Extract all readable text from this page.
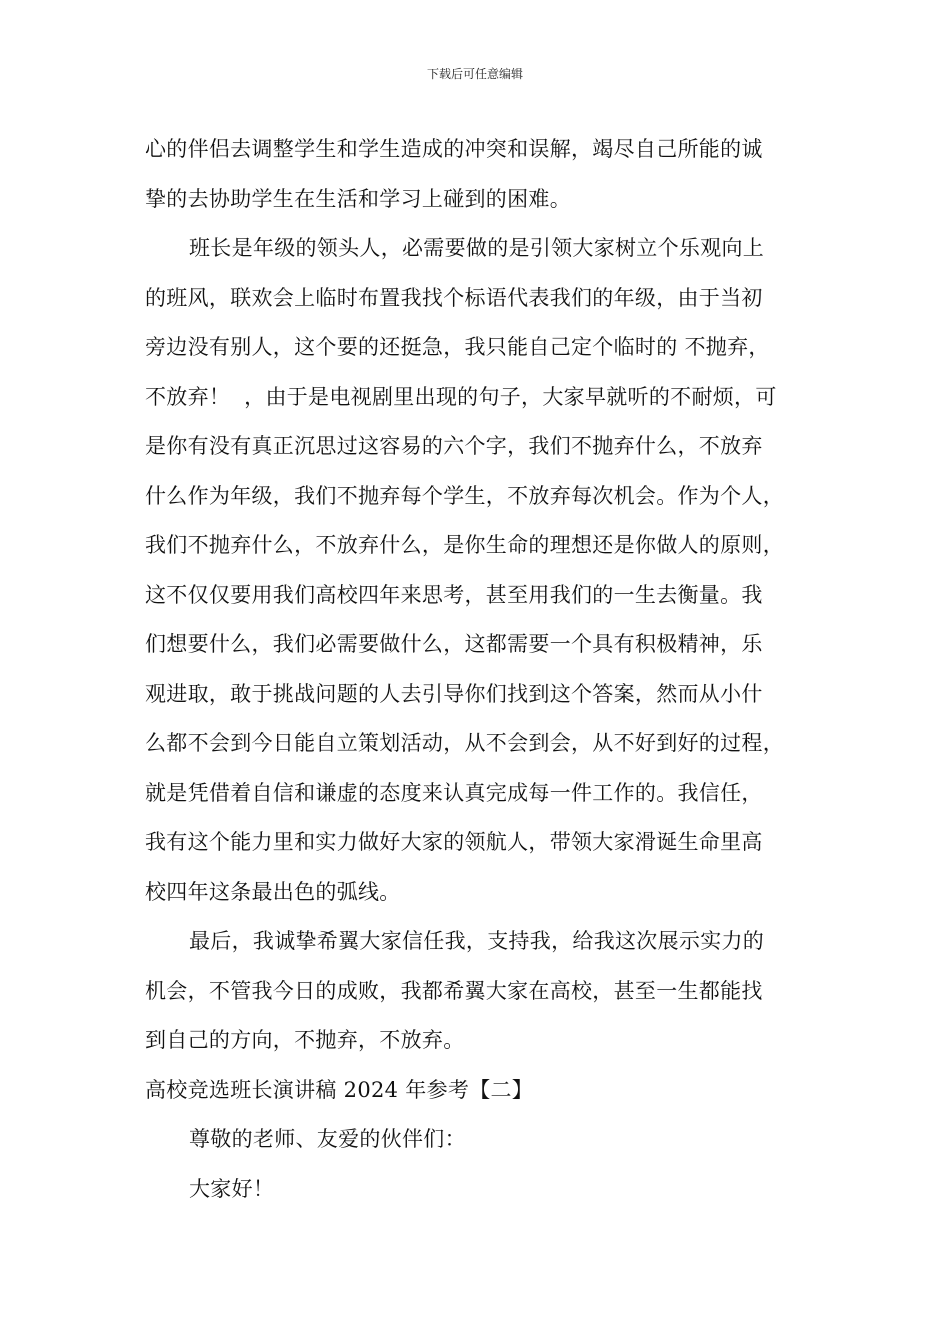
下载后可任意编辑

心的伴侣去调整学生和学生造成的冲突和误解，竭尽自己所能的诚
挚的去协助学生在生活和学习上碰到的困难。

班长是年级的领头人，必需要做的是引领大家树立个乐观向上
的班风，联欢会上临时布置我找个标语代表我们的年级，由于当初
旁边没有别人，这个要的还挺急，我只能自己定个临时的 不抛弃，
不放弃！  ，由于是电视剧里出现的句子，大家早就听的不耐烦，可
是你有没有真正沉思过这容易的六个字，我们不抛弃什么，不放弃
什么作为年级，我们不抛弃每个学生，不放弃每次机会。作为个人，
我们不抛弃什么，不放弃什么，是你生命的理想还是你做人的原则，
这不仅仅要用我们高校四年来思考，甚至用我们的一生去衡量。我
们想要什么，我们必需要做什么，这都需要一个具有积极精神，乐
观进取，敢于挑战问题的人去引导你们找到这个答案，然而从小什
么都不会到今日能自立策划活动，从不会到会，从不好到好的过程，
就是凭借着自信和谦虚的态度来认真完成每一件工作的。我信任，
我有这个能力里和实力做好大家的领航人，带领大家滑诞生命里高
校四年这条最出色的弧线。

最后，我诚挚希翼大家信任我，支持我，给我这次展示实力的
机会，不管我今日的成败，我都希翼大家在高校，甚至一生都能找
到自己的方向，不抛弃，不放弃。

高校竞选班长演讲稿 2024 年参考【二】

尊敬的老师、友爱的伙伴们：

大家好！
